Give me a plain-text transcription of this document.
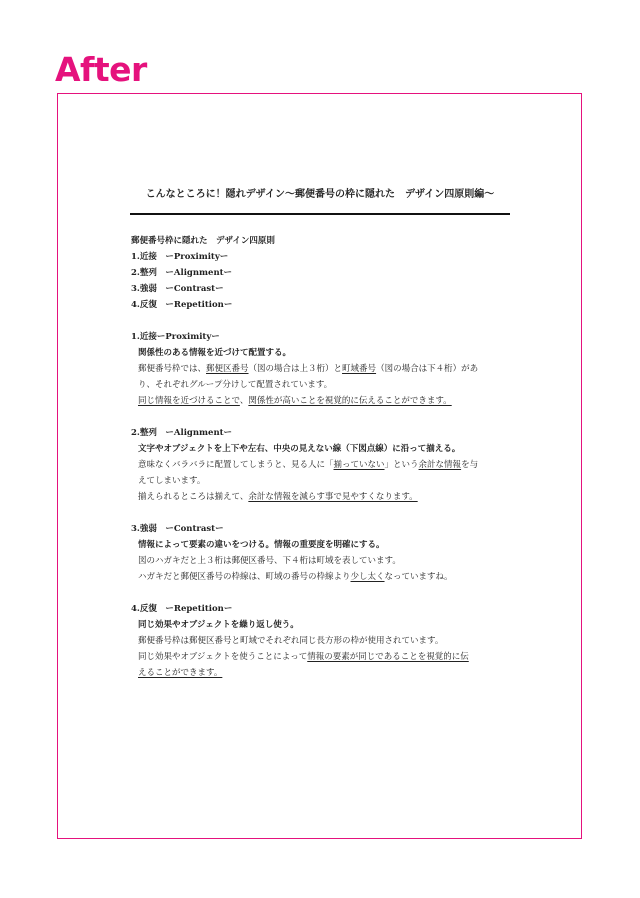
After
こんなところに！隠れデザイン〜郵便番号の枠に隠れた　デザイン四原則編〜
郵便番号枠に隠れた　デザイン四原則
1.近接　ーProximityー
2.整列　ーAlignmentー
3.強弱　ーContrastー
4.反復　ーRepetitionー
1.近接ーProximityー
関係性のある情報を近づけて配置する。
郵便番号枠では、郵便区番号（図の場合は上３桁）と町域番号（図の場合は下４桁）があ
り、それぞれグループ分けして配置されています。
同じ情報を近づけることで、関係性が高いことを視覚的に伝えることができます。
2.整列　ーAlignmentー
文字やオブジェクトを上下や左右、中央の見えない線（下図点線）に沿って揃える。
意味なくバラバラに配置してしまうと、見る人に「揃っていない」という余計な情報を与
えてしまいます。
揃えられるところは揃えて、余計な情報を減らす事で見やすくなります。
3.強弱　ーContrastー
情報によって要素の違いをつける。情報の重要度を明確にする。
図のハガキだと上３桁は郵便区番号、下４桁は町域を表しています。
ハガキだと郵便区番号の枠線は、町域の番号の枠線より少し太くなっていますね。
4.反復　ーRepetitionー
同じ効果やオブジェクトを繰り返し使う。
郵便番号枠は郵便区番号と町域でそれぞれ同じ長方形の枠が使用されています。
同じ効果やオブジェクトを使うことによって情報の要素が同じであることを視覚的に伝
えることができます。
